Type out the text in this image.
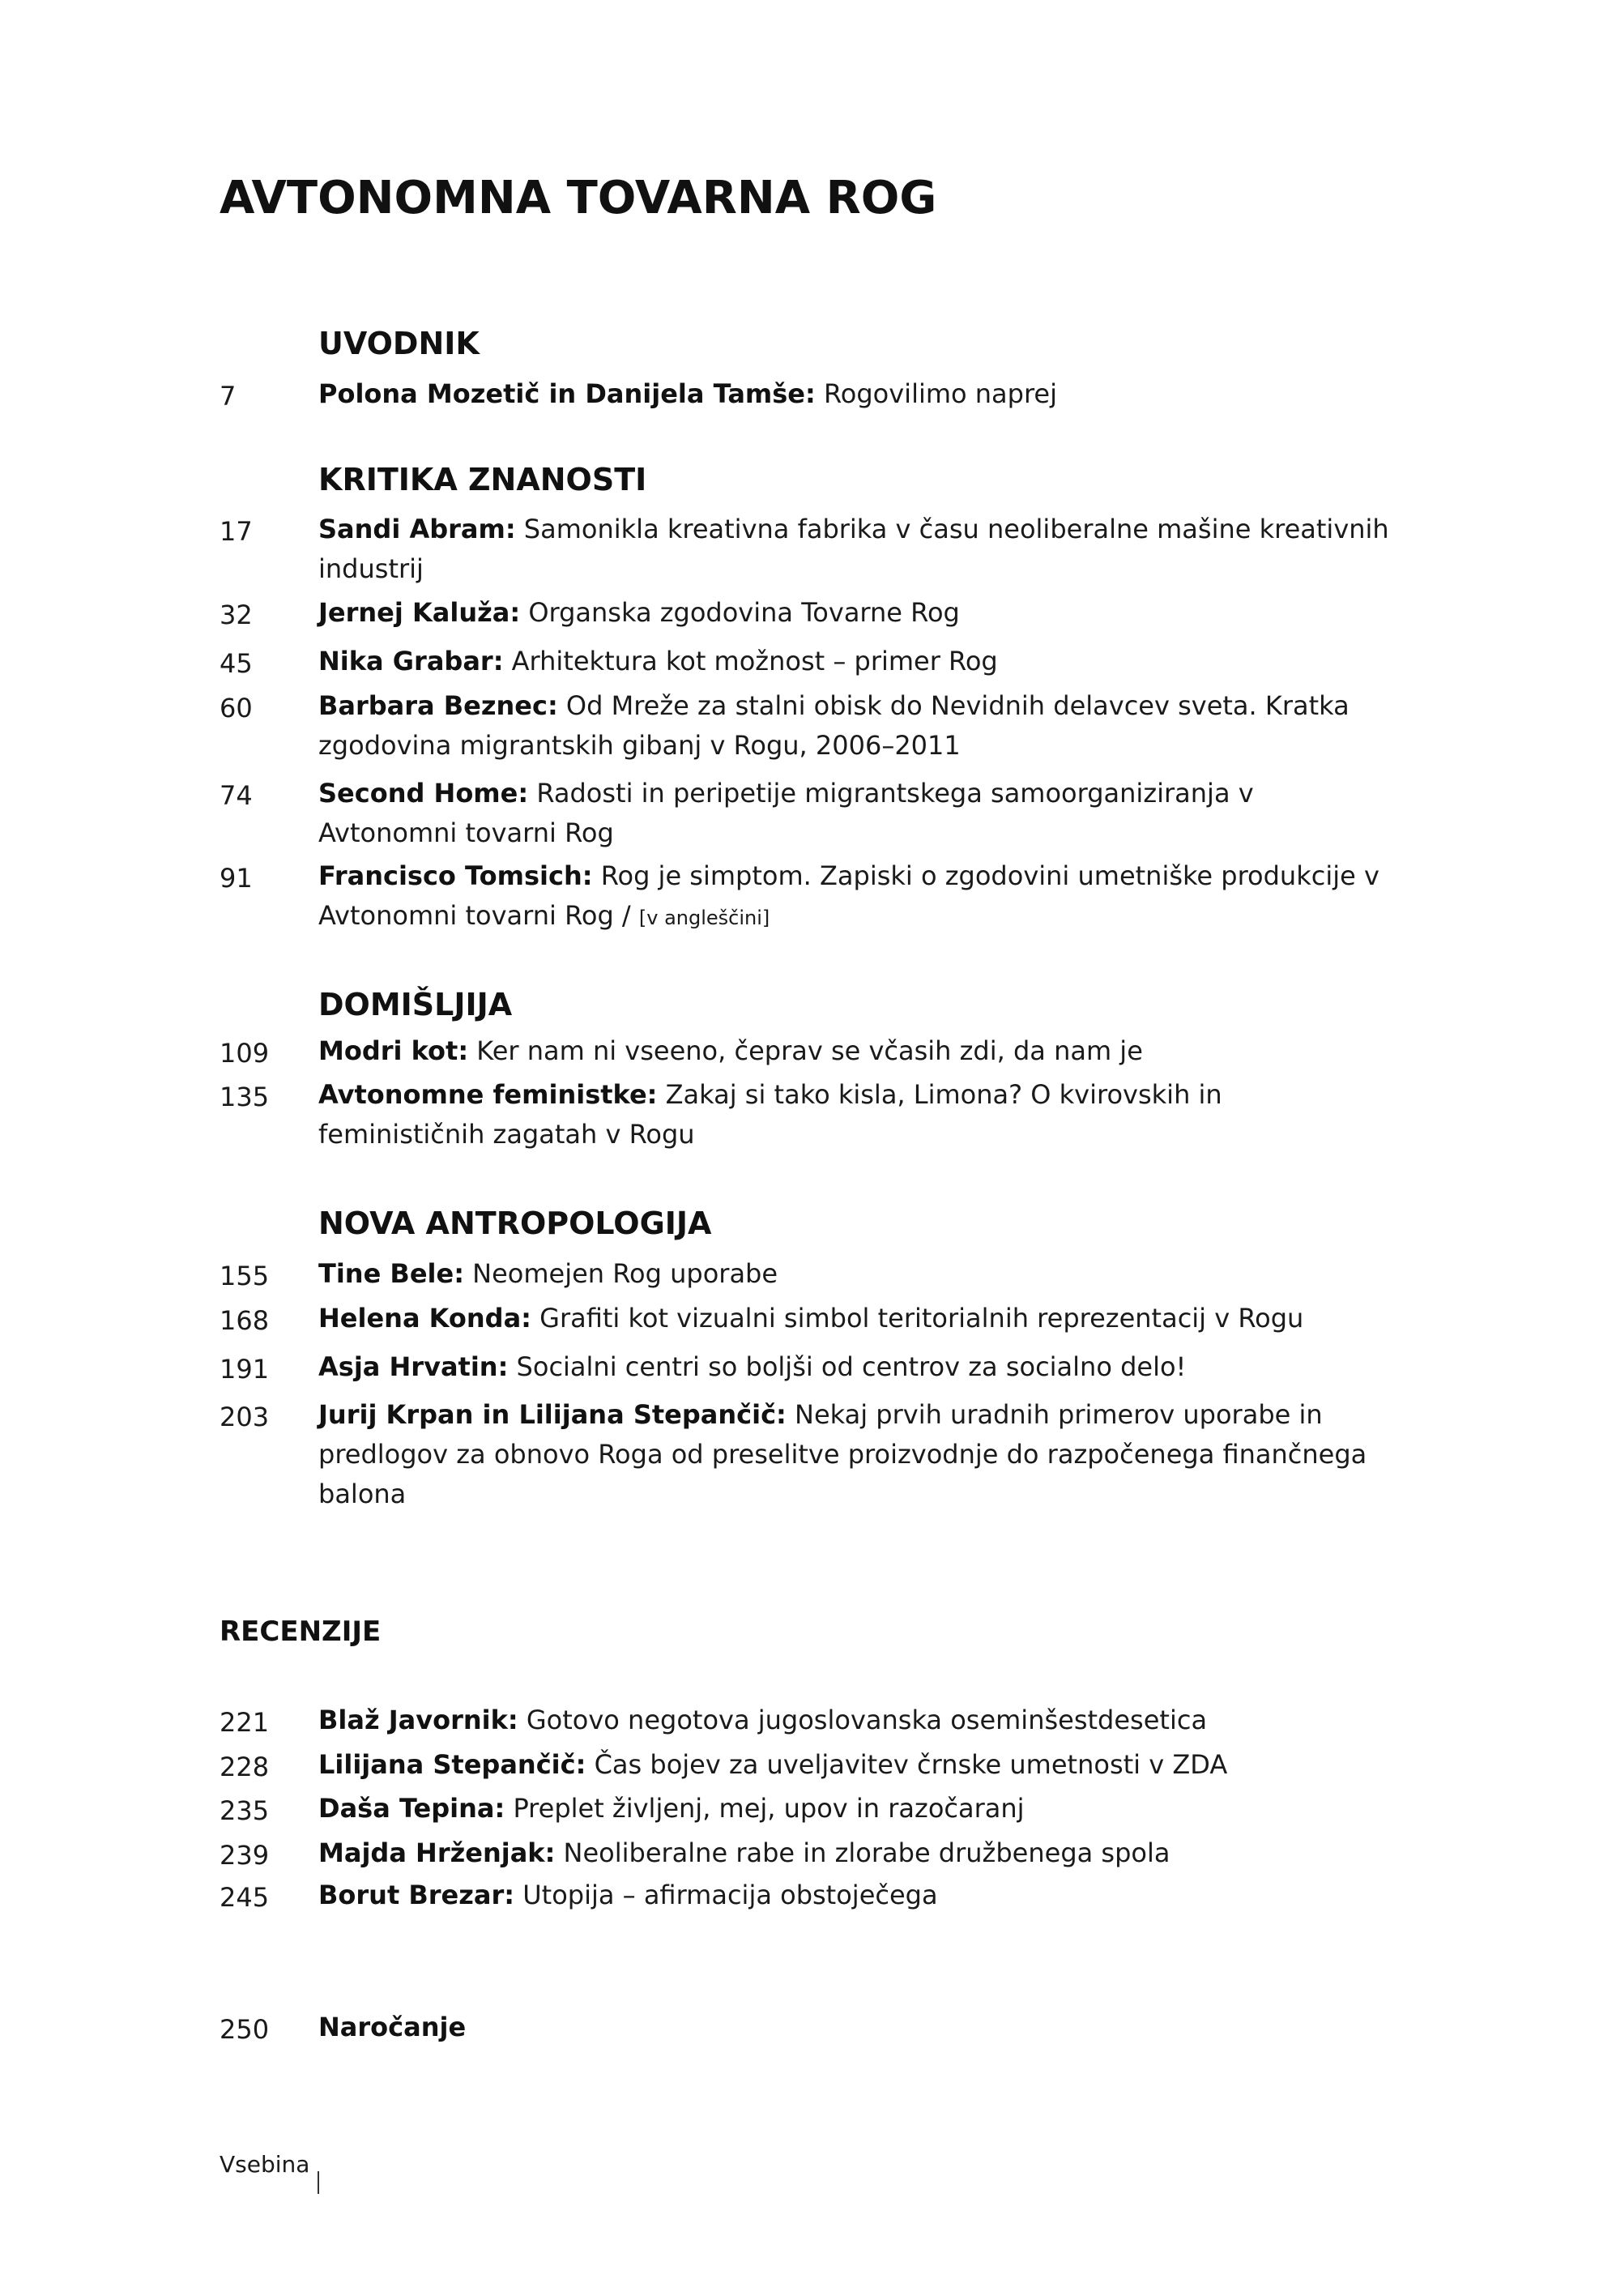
AVTONOMNA TOVARNA ROG
UVODNIK
7	Polona Mozetič in Danijela Tamše: Rogovilimo naprej
KRITIKA ZNANOSTI
17	Sandi Abram: Samonikla kreativna fabrika v času neoliberalne mašine kreativnih industrij
32	Jernej Kaluža: Organska zgodovina Tovarne Rog
45	Nika Grabar: Arhitektura kot možnost – primer Rog
60	Barbara Beznec: Od Mreže za stalni obisk do Nevidnih delavcev sveta. Kratka zgodovina migrantskih gibanj v Rogu, 2006–2011
74	Second Home: Radosti in peripetije migrantskega samoorganiziranja v Avtonomni tovarni Rog
91	Francisco Tomsich: Rog je simptom. Zapiski o zgodovini umetniške produkcije v Avtonomni tovarni Rog / [v angleščini]
DOMIŠLJIJA
109 Modri kot: Ker nam ni vseeno, čeprav se včasih zdi, da nam je
135 Avtonomne feministke: Zakaj si tako kisla, Limona? O kvirovskih in feminističnih zagatah v Rogu
NOVA ANTROPOLOGIJA
155 Tine Bele: Neomejen Rog uporabe
168 Helena Konda: Grafiti kot vizualni simbol teritorialnih reprezentacij v Rogu
191 Asja Hrvatin: Socialni centri so boljši od centrov za socialno delo!
203 Jurij Krpan in Lilijana Stepančič: Nekaj prvih uradnih primerov uporabe in predlogov za obnovo Roga od preselitve proizvodnje do razpočenega finančnega balona
RECENZIJE
221 Blaž Javornik: Gotovo negotova jugoslovanska oseminšestdesetica
228 Lilijana Stepančič: Čas bojev za uveljavitev črnske umetnosti v ZDA
235 Daša Tepina: Preplet življenj, mej, upov in razočaranj
239 Majda Hrženjak: Neoliberalne rabe in zlorabe družbenega spola
245 Borut Brezar: Utopija – afirmacija obstoječega
250 Naročanje
Vsebina
